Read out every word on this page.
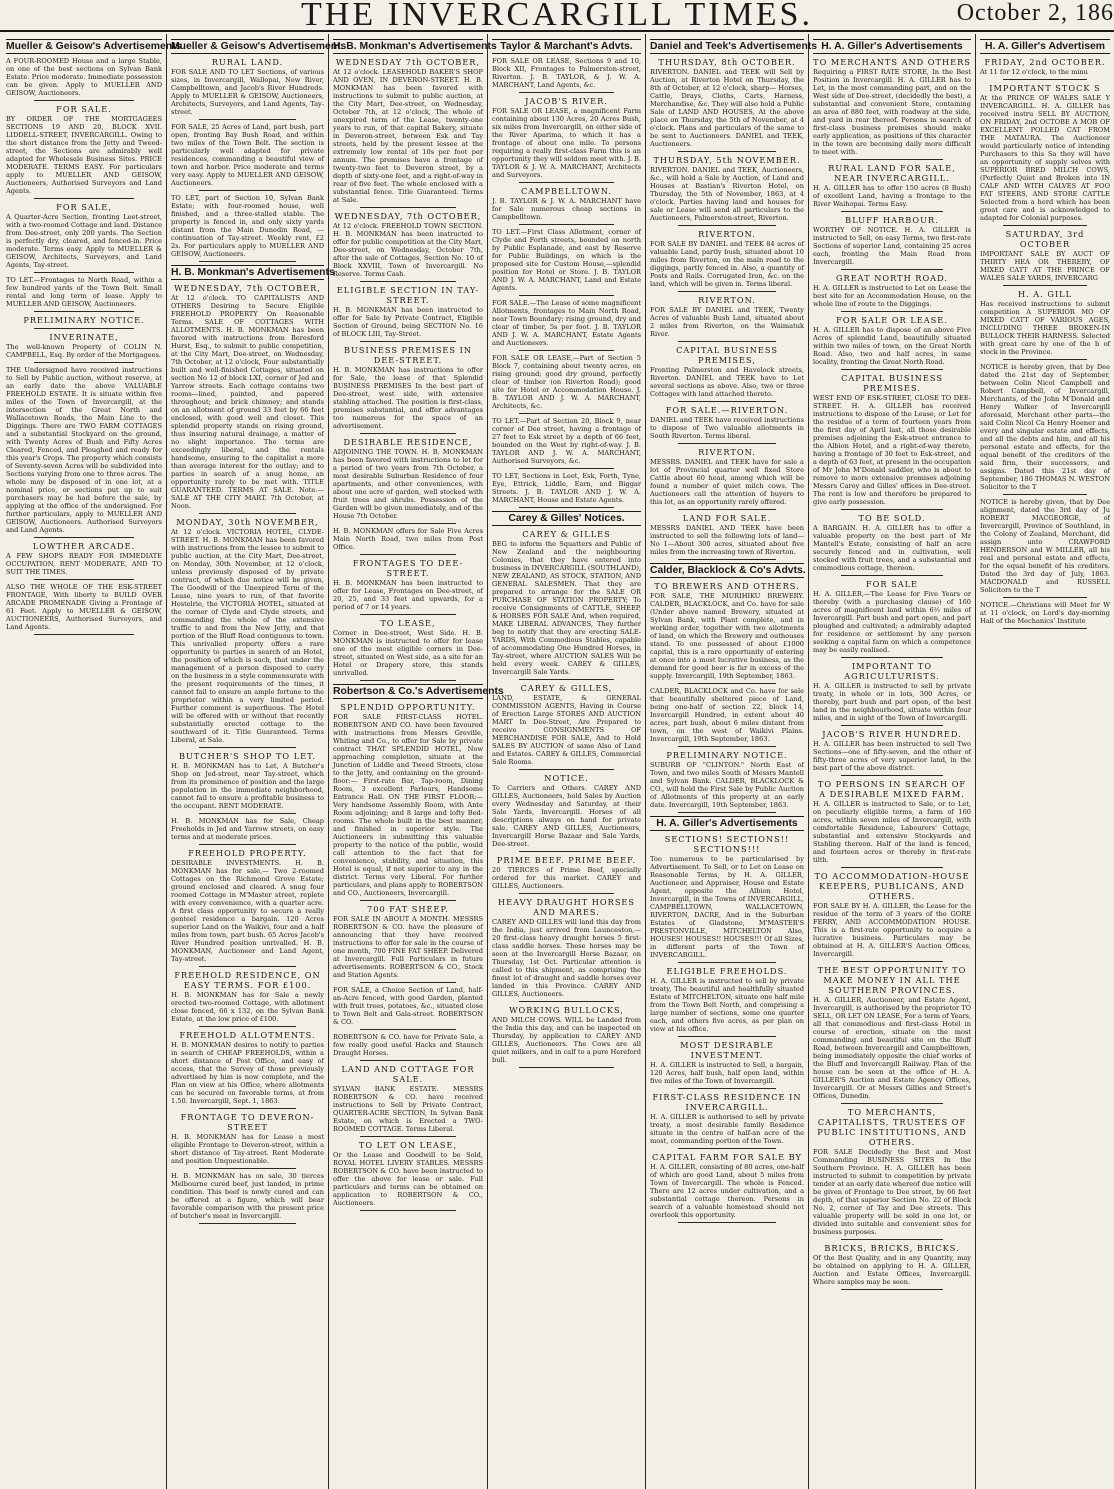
THE INVERCARGILL TIMES.	October 2, 186
Mueller & Geisow's Advertisements
A FOUR-ROOMED House and a large Stable, on one of the best sections on Sylvan Bank Estate. Price moderate. Immediate possession can be given. Apply to MUELLER AND GEISOW, Auctioneers.
FOR SALE.
BY ORDER OF THE MORTGAGEES SECTIONS 19 AND 20, BLOCK XVII. LIDDELL-STREET, INVERCARGILL. Owing to the short distance from the Jetty and Tweed-street, the Sections are admirably well adapted for Wholesale Business Sites. PRICE MODERATE. TERMS EASY. For particulars apply to MUELLER AND GEISOW, Auctioneers, Authorised Surveyors and Land Agents.
FOR SALE,
A Quarter-Acre Section, fronting Leet-street, with a two-roomed Cottage and land. Distance from Dee-street, only 200 yards. The Section is perfectly dry, cleared, and fenced-in. Price moderate. Terms easy. Apply to MUELLER & GEISOW, Architects, Surveyors, and Land Agents, Tay-street.
TO LET.—Frontages to North Road, within a few hundred yards of the Town Belt. Small rental and long term of lease. Apply to MUELLER AND GEISOW, Auctioneers.
PRELIMINARY NOTICE.
INVERINATE,
The well-known Property of COLIN N. CAMPBELL, Esq. By order of the Mortgagees.
THE Undersigned have received instructions to Sell by Public auction, without reserve, at an early date the above VALUABLE FREEHOLD ESTATE. It is situate within five miles of the Town of Invercargill, at the intersection of the Great North and Wallacetown Roads, the Main Line to the Diggings. There are TWO FARM COTTAGES and a substantial Stockyard on the ground, with Twenty Acres of Bush and Fifty Acres Cleared, Fenced, and Ploughed and ready for this year's Crops. The property which consists of Seventy-seven Acres will be subdivided into Sections varying from one to three acres. The whole may be disposed of in one lot, at a nominal price, or sections put up to suit purchasers may be had before the sale, by applying at the office of the undersigned. For further particulars, apply to MUELLER AND GEISOW, Auctioneers. Authorised Surveyors and Land Agents.
LOWTHER ARCADE.
A FEW SHOPS READY FOR IMMEDIATE OCCUPATION, RENT MODERATE, AND TO SUIT THE TIMES.
ALSO THE WHOLE OF THE ESK-STREET FRONTAGE, With liberty to BUILD OVER ARCADE PROMENADE Giving a Frontage of 61 Feet. Apply to MUELLER & GEISOW, AUCTIONEERS, Authorised Surveyors, and Land Agents.
Mueller & Geisow's Advertisements
RURAL LAND.
FOR SALE AND TO LET Sections, of various sizes, in Invercargill, Wallopai, New River, Campbelltown, and Jacob's River Hundreds. Apply to MUELLER & GEISOW, Auctioneers, Architects, Surveyors, and Land Agents, Tay-street.
FOR SALE, 25 Acres of Land, part bush, part open, fronting Bay Bush Road, and within two miles of the Town Belt. The section is particularly well adapted for private residences, commanding a beautiful view of town and harbor. Price moderate and terms very easy. Apply to MUELLER AND GEISOW, Auctioneers.
TO LET, part of Section 10, Sylvan Bank Estate; with four-roomed house, well finished, and a three-stalled stable. The property is fenced in, and only sixty yards distant from the Main Dunedin Road, — continuation of Tay-street. Weekly rent, £2 2s. For particulars apply to MUELLER AND GEISOW, Auctioneers.
H. B. Monkman's Advertisements
WEDNESDAY, 7th OCTOBER,
At 12 o'clock. TO CAPITALISTS AND OTHERS Desiring to Secure Eligible FREEHOLD PROPERTY On Reasonable Terms. SALE OF COTTAGES WITH ALLOTMENTS. H. B. MONKMAN has been favored with instructions from Beresford Hurst, Esq., to submit to public competition, at the City Mart, Dee-street, on Wednesday, 7th October, at 12 o'clock, Four substantially built and well-finished Cottages, situated on section No 12 of block LXI, corner of Jed and Yarrow streets. Each cottage contains two rooms—lined, painted, and papered throughout; and brick chimney; and stands on an allotment of ground 33 feet by 66 feet enclosed, with good well and closet. This splendid property stands on rising ground, thus insuring natural drainage, a matter of no slight importance. The terms are exceedingly liberal, and the rentals handsome, ensuring to the capitalist a more than average interest for the outlay; and to parties in search of a snug home, an opportunity rarely to be met with. TITLE GUARANTEED. TERMS AT SALE. Note.—SALE AT THE CITY MART. 7th October, at Noon.
MONDAY, 30th NOVEMBER,
At 12 o'clock. VICTORIA HOTEL, CLYDE-STREET. H. B. MONKMAN has been favored with instructions from the lessee to submit to public auction, at the City Mart, Dee-street, on Monday, 30th November, at 12 o'clock, unless previously disposed of by private contract, of which due notice will be given, The Goodwill of the Unexpired Term of the Lease, nine years to run, of that favorite Hostelrie, the VICTORIA HOTEL, situated at the corner of Clyde and Clyde streets, and commanding the whole of the extensive traffic to and from the New Jetty, and that portion of the Bluff Road contiguous to town. This unrivalled property offers a rare opportunity to parties in search of an Hotel, the position of which is such, that under the management of a person disposed to carry on the business in a style commensurate with the present requirements of the times, it cannot fail to ensure an ample fortune to the proprietor within a very limited period. Further comment is superfluous. The Hotel will be offered with or without that recently substantially erected cottage to the southward of it. Title Guaranteed. Terms Liberal, at Sale.
BUTCHER'S SHOP TO LET.
H. B. MONKMAN has to Let, A Butcher's Shop on Jed-street, near Tay-street, which from its prominence of position and the large population in the immediate neighborhood, cannot fail to ensure a profitable business to the occupant. RENT MODERATE.
H. B. MONKMAN has for Sale, Cheap Freeholds in Jed and Yarrow streets, on easy terms and at moderate prices.
FREEHOLD PROPERTY.
DESIRABLE INVESTMENTS. H. B. MONKMAN has for sale,— Two 2-roomed Cottages on the Richmond Grove Estate; ground enclosed and cleared. A snug four roomed Cottage in M'Master street, replete with every convenience, with a quarter acre. A first class opportunity to secure a really genteel residence a bargain. 120 Acres superior Land on the Waikivi, four and a half miles from town, part bush. 65 Acres Jacob's River Hundred position unrivalled. H. B. MONKMAN, Auctioneer and Land Agent, Tay-street.
FREEHOLD RESIDENCE, ON EASY TERMS. FOR £100.
H. B. MONKMAN has for Sale a newly erected two-roomed Cottage, with allotment close fenced, 66 x 132, on the Sylvan Bank Estate, at the low price of £100.
FREEHOLD ALLOTMENTS.
H. B. MONKMAN desires to notify to parties in search of CHEAP FREEHOLDS, within a short distance of Post Office, and easy of access, that the Survey of those previously advertised by him is now complete, and the Plan on view at his Office, where allotments can be secured on favorable terms, at from 1.50. Invercargill, Sept. 1, 1863.
FRONTAGE TO DEVERON-STREET
H. B. MONKMAN has for Lease a most eligible Frontage to Deveron-street, within a short distance of Tay-street. Rent Moderate and position Unquestionable.
H. B. MONKMAN has on sale, 30 tierces Melbourne cured beef, just landed, in prime condition. This beef is newly cured and can be offered at a figure, which will bear favorable comparison with the present price of butcher's meat in Invercargill.
H. B. Monkman's Advertisements
WEDNESDAY 7th OCTOBER,
At 12 o'clock. LEASEHOLD BAKER'S SHOP AND OVEN, IN DEVERON-STREET. H. B. MONKMAN has been favored with instructions to submit to public auction, at the City Mart, Dee-street, on Wednesday, October 7th, at 12 o'clock, The whole of unexpired term of the Lease, twenty-one years to run, of that capital Bakery, situate in Deveron-street, between Esk and Tay streets, held by the present lessee at the extremely low rental of 10s per foot per annum. The premises have a frontage of twenty-two feet to Deveron street, by a depth of sixty-one feet, and a right-of-way in rear of five feet. The whole enclosed with a substantial fence. Title Guaranteed. Terms at Sale.
WEDNESDAY, 7th OCTOBER,
At 12 o'clock. FREEHOLD TOWN SECTION. H. B. MONKMAN has been instructed to offer for public competition at the City Mart, Dee-street, on Wednesday, October 7th, after the sale of Cottages, Section No. 10 of Block XXVIII, Town of Invercargill. No Reserve. Terms Cash.
ELIGIBLE SECTION IN TAY-STREET.
H. B. MONKMAN has been instructed to offer for Sale by Private Contract, Eligible Section of Ground, being SECTION No. 16 of BLOCK LIII, Tay-Street.
BUSINESS PREMISES IN DEE-STREET.
H. B. MONKMAN has instructions to offer for Sale, the lease of that Splendid BUSINESS PREMISES In the best part of Dee-street, west side, with extensive stabling attached. The position is first-class, premises substantial, and offer advantages too numerous for the space of an advertisement.
DESIRABLE RESIDENCE,
ADJOINING THE TOWN. H. B. MONKMAN has been favored with instructions to let for a period of two years from 7th October, a most desirable Suburban Residence of four apartments, and other conveniences, with about one acre of garden, well stocked with fruit trees and shrubs. Possession of the Garden will be given immediately, and of the House 7th October.
H. B. MONKMAN offers for Sale Five Acres Main North Road, two miles from Post Office.
FRONTAGES TO DEE-STREET.
H. B. MONKMAN has been instructed to offer for Lease, Frontages on Dee-street, of 20, 25, and 33 feet and upwards, for a period of 7 or 14 years.
TO LEASE,
Corner in Dee-street, West Side. H. B. MONKMAN is instructed to offer for lease one of the most eligible corners in Dee-street, situated on West side, as a site for an Hotel or Drapery store, this stands unrivalled.
Robertson & Co.'s Advertisements
SPLENDID OPPORTUNITY.
FOR SALE FIRST-CLASS HOTEL. ROBERTSON AND CO. have been favoured with instructions from Messrs Greville, Whiting and Co., to offer for Sale by private contract THAT SPLENDID HOTEL, Now approaching completion, situate at the Junction of Liddle and Tweed Streets, close to the Jetty, and containing on the ground-floor:— First-rate Bar, Tap-room, Dining Room, 3 excellent Parlours, Handsome Entrance Hall. ON THE FIRST FLOOR:— Very handsome Assembly Room, with Ante Room adjoining; and 8 large and lofty Bed-rooms. The whole built in the best manner, and finished in superior style. The Auctioneers in submitting this valuable property to the notice of the public, would call attention to the fact that for convenience, stability, and situation, this Hotel is equal, if not superior to any in the district. Terms very Liberal. For further particulars, and plans apply to ROBERTSON and CO., Auctioneers, Invercargill.
700 FAT SHEEP.
FOR SALE IN ABOUT A MONTH. MESSRS ROBERTSON & CO. have the pleasure of announcing that they have received instructions to offer for sale in the course of one month, 700 FINE FAT SHEEP. Delivered at Invercargill. Full Particulars in future advertisements. ROBERTSON & CO., Stock and Station Agents.
FOR SALE, a Choice Section of Land, half-an-Acre fenced, with good Garden, planted with fruit trees, potatoes, &c., situated close to Town Belt and Gala-street. ROBERTSON & CO.
ROBERTSON & CO. have for Private Sale, a few really good useful Hacks and Staunch Draught Horses.
LAND AND COTTAGE FOR SALE.
SYLVAN BANK ESTATE. MESSRS ROBERTSON & CO. have received instructions to Sell by Private Contract, QUARTER-ACRE SECTION, In Sylvan Bank Estate, on which is Erected a TWO-ROOMED COTTAGE. Terms Liberal.
TO LET ON LEASE,
Or the Lease and Goodwill to be Sold, ROYAL HOTEL LIVERY STABLES. MESSRS ROBERTSON & CO. have been instructed to offer the above for lease or sale. Full particulars and terms can be obtained on application to ROBERTSON & CO., Auctioneers.
Taylor & Marchant's Advts.
FOR SALE OR LEASE, Sections 9 and 10, Block XII, Frontages to Palmerston-street, Riverton. J. B. TAYLOR, & J. W. A. MARCHANT, Land Agents, &c.
JACOB'S RIVER.
FOR SALE OR LEASE, a magnificent Farm containing about 130 Acres, 20 Acres Bush, six miles from Invercargill, on either side of the River Aparima, to which it has a frontage of about one mile. To persons requiring a really first-class Farm this is an opportunity they will seldom meet with. J. B. TAYLOR & J. W. A. MARCHANT, Architects and Surveyors.
CAMPBELLTOWN.
J. B. TAYLOR & J. W. A. MARCHANT have for Sale numerous cheap sections in Campbelltown.
TO LET.—First Class Allotment, corner of Clyde and Forth streets, bounded on north by Public Esplanade, and east by Reserve for Public Buildings, on which is the proposed site for Custom House,—splendid position for Hotel or Store. J. B. TAYLOR AND J. W. A. MARCHANT, Land and Estate Agents.
FOR SALE.—The Lease of some magnificent Allotments, frontages to Main North Road, near Town Boundary; rising ground, dry and clear of timber, 5s per foot. J. B. TAYLOR AND J. W. A. MARCHANT, Estate Agents and Auctioneers.
FOR SALE OR LEASE,—Part of Section 5 Block 7, containing about twenty acres, on rising ground; good dry ground, perfectly clear of timber (on Riverton Road); good site for Hotel or Accommodation House. J. B. TAYLOR AND J. W. A. MARCHANT, Architects, &c.
TO LET.—Part of Section 20, Block 9, near corner of Dee street, having a frontage of 27 feet to Esk street by a depth of 66 feet, bounded on the West by right-of-way. J. B. TAYLOR AND J. W. A. MARCHANT, Authorised Surveyors, &c.
TO LET, Sections in Leet, Esk, Forth, Tyne, Eye, Ettrick, Liddle, Earn, and Biggar Streets. J. B. TAYLOR AND J. W. A. MARCHANT, House and Estate Agents.
Carey & Gilles' Notices.
CAREY & GILLES
BEG to inform the Squatters and Public of New Zealand and the neighbouring Colonies, that they have entered into business in INVERCARGILL (SOUTHLAND), NEW ZEALAND, AS STOCK, STATION, AND GENERAL SALESMEN. That they are prepared to arrange for the SALE OR PURCHASE OF STATION PROPERTY; To receive Consignments of CATTLE, SHEEP, & HORSES FOR SALE And, when required, MAKE LIBERAL ADVANCES, They further beg to notify that they are erecting SALE-YARDS, With Commodious Stables, capable of accommodating One Hundred Horses, in Tay-street, where AUCTION SALES Will be held every week. CAREY & GILLES, Invercargill Sale Yards.
CAREY & GILLES,
LAND, ESTATE, & GENERAL COMMISSION AGENTS, Having in Course of Erection Large STORES AND AUCTION MART In Dee-Street, Are Prepared to receive CONSIGNMENTS OF MERCHANDISE FOR SALE, And to Hold SALES BY AUCTION of same Also of Land and Estates. CAREY & GILLES, Commercial Sale Rooms.
NOTICE.
To Carriers and Others. CAREY AND GILLES, Auctioneers, hold Sales by Auction every Wednesday and Saturday, at their Sale Yards, Invercargill. Horses of all descriptions always on hand for private sale. CAREY AND GILLES, Auctioneers, Invercargill Horse Bazaar and Sale Yards, Dee-street.
PRIME BEEF. PRIME BEEF.
20 TIERCES of Prime Beef, specially ordered for this market. CAREY and GILLES, Auctioneers.
HEAVY DRAUGHT HORSES AND MARES.
CAREY AND GILLES will land this day from the India, just arrived from Launceston,— 20 first-class heavy draught horses 5 first-class saddle horses. These horses may be seen at the Invercargill Horse Bazaar, on Thursday, 1st Oct. Particular attention is called to this shipment, as comprising the finest lot of draught and saddle horses ever landed in this Province. CAREY AND GILLES, Auctioneers.
WORKING BULLOCKS,
AND MILCH COWS. WILL be Landed from the India this day, and can be inspected on Thursday, by application to CAREY AND GILLES, Auctioneers. The Cows are all quiet milkers, and in calf to a pure Hereford bull.
Daniel and Teek's Advertisements
THURSDAY, 8th OCTOBER.
RIVERTON. DANIEL and TEEK will Sell by Auction, at Riverton Hotel on Thursday, the 8th of October, at 12 o'clock, sharp— Horses, Cattle, Drays, Cloths, Carts, Harness, Merchandise, &c. They will also hold a Public Sale of LAND AND HOUSES, At the above place on Thursday, the 5th of November, at 4 o'clock. Plans and particulars of the same to be sent to Auctioneers. DANIEL and TEEK, Auctioneers.
THURSDAY, 5th NOVEMBER.
RIVERTON. DANIEL and TEEK, Auctioneers, &c., will hold a Sale by Auction, of Land and Houses at Bastian's Riverton Hotel, on Thursday, the 5th of November, 1863, at 4 o'clock. Parties having land and houses for sale or Lease will send all particulars to the Auctioneers, Palmerston-street, Riverton.
RIVERTON.
FOR SALE BY DANIEL and TEEK 84 acres of valuable Land, partly bush, situated about 10 miles from Riverton, on the main road to the diggings, partly fenced in. Also, a quantity of Posts and Rails. Corrugated Iron, &c. on the land, which will be given in. Terms liberal.
RIVERTON.
FOR SALE BY DANIEL and TEEK, Twenty Acres of valuable Bush Land, situated about 2 miles from Riverton, on the Waimatuk River.
CAPITAL BUSINESS PREMISES,
Fronting Palmerston and Havelock streets, Riverton. DANIEL and TEEK have to Let several sections as above. Also, two or three Cottages with land attached thereto.
FOR SALE.—RIVERTON.
DANIEL and TEEK have received instructions to dispose of Two valuable allotments in South Riverton. Terms liberal.
RIVERTON.
MESSRS. DANIEL and TEEK have for sale a lot of Provincial quarter well fixed Store Cattle about 60 head, among which will be found a number of quiet milch cows. The Auctioneers call the attention of buyers to this lot, as an opportunity rarely offered.
LAND FOR SALE.
MESSRS DANIEL AND TEEK have been instructed to sell the following lots of land— No 1—About 300 acres, situated about five miles from the increasing town of Riverton.
Calder, Blacklock & Co's Advts.
TO BREWERS AND OTHERS.
FOR SALE, THE MURIHIKU BREWERY. CALDER, BLACKLOCK, and Co. have for sale (Under above named Brewery, situated at Sylvan Bank, with Plant complete, and in working order, together with two allotments of land, on which the Brewery and outhouses stand. To one possessed of about £1000 capital, this is a rare opportunity of entering at once into a most lucrative business, as the demand for good beer is far in excess of the supply. Invercargill, 19th September, 1863.
CALDER, BLACKLOCK and Co. have for sale that beautifully sheltered piece of Land, being one-half of section 22, block 14, Invercargill Hundred, in extent about 40 acres, part bush, about 6 miles distant from town, on the west of Waikivi Plains. Invercargill, 19th September, 1863.
PRELIMINARY NOTICE.
SUBURB OF "CLINTON." North East of Town, and two miles South of Messrs Mantell and Sylvan Bank. CALDER, BLACKLOCK & CO., will hold the First Sale by Public Auction of Allotments of this property at an early date. Invercargill, 19th September, 1863.
H. A. Giller's Advertisements
SECTIONS! SECTIONS!! SECTIONS!!!
Too numerous to be particularised by Advertisement. To Sell, or to Let on Lease on Reasonable Terms, by H. A. GILLER, Auctioneer, and Appraiser, House and Estate Agent, opposite the Albion Hotel, Invercargill, in the Towns of INVERCARGILL, CAMPBELLTOWN, WALLACETOWN, RIVERTON, DACRE, And in the Suburban Estates of Gladstone, M'MASTER'S PRESTONVILLE, MITCHELTON Also, HOUSES! HOUSES!! HOUSES!!! Of all Sizes, in different parts of the Town of INVERCARGILL.
ELIGIBLE FREEHOLDS.
H. A. GILLER is instructed to sell by private treaty, The beautiful and healthfully situated Estate of MITCHELTON, situate one half mile from the Town Belt North, and comprising a large number of sections, some one quarter each, and others five acres, as per plan on view at his office.
MOST DESIRABLE INVESTMENT.
H. A. GILLER is instructed to Sell, a bargain, 120 Acres, half bush, half open land, within five miles of the Town of Invercargill.
FIRST-CLASS RESIDENCE IN INVERCARGILL.
H. A. GILLER is authorised to sell by private treaty, a most desirable family Residence situate in the centre of half-an acre of the most, commanding portion of the Town.
CAPITAL FARM FOR SALE BY
H. A. GILLER, consisting of 80 acres, one-half of which are good Land, about 5 miles from Town of Invercargill. The whole is Fenced. There are 12 acres under cultivation, and a substantial cottage thereon. Persons in search of a valuable homestead should not overlook this opportunity.
H. A. Giller's Advertisements
TO MERCHANTS AND OTHERS
Requiring a FIRST RATE STORE, In the Best Position in Invercargill. H. A. GILLER has to Let, in the most commanding part, and on the West side of Dee-street, (decidedly the best), a substantial and convenient Store, containing an area of 880 feet, with roadway at the side, and yard in rear thereof. Persons in search of first-class business premises should make early application, as positions of this character in the town are becoming daily more difficult to meet with.
RURAL LAND FOR SALE, NEAR INVERCARGILL.
H. A. GILLER has to offer 150 acres (8 Bush) of excellent Land, having a frontage to the River Waihopai. Terms Easy.
BLUFF HARBOUR.
WORTHY OF NOTICE. H. A. GILLER is instructed to Sell, on easy Terms, two first-rate Sections of superior Land, containing 25 acres each, fronting the Main Road from Invercargill.
GREAT NORTH ROAD.
H. A. GILLER is instructed to Let on Lease the best site for an Accommodation House, on the whole line of route to the Diggings.
FOR SALE OR LEASE.
H. A. GILLER has to dispose of an above Five Acres of splendid Land, beautifully situated within two miles of town, on the Great North Road. Also, two and half acres, in same locality, fronting the Great North Road.
CAPITAL BUSINESS PREMISES.
WEST END OF ESK-STREET, CLOSE TO DEE-STREET. H. A. GILLER has received instructions to dispose of the Lease, or Let for the residue of a term of fourteen years from the first day of April last, all those desirable premises adjoining the Esk-street entrance to the Albion Hotel, and a right-of-way thereto, having a frontage of 30 feet to Esk-street, and a depth of 63 feet, at present in the occupation of Mr John M'Donald saddler, who is about to remove to more extensive premises adjoining Messrs Carey and Gilles' offices in Dee-street. The rent is low and therefore be prepared to give early possession.
TO BE SOLD.
A BARGAIN. H. A. GILLER has to offer a valuable property on the best part of Mr Mantell's Estate, consisting of half an acre securely fenced and in cultivation, well stocked with fruit trees, and a substantial and commodious cottage, thereon.
FOR SALE
H. A. GILLER,—The Lease for Five Years or thereby (with a purchasing clause) of 160 acres of magnificent land within 6½ miles of Invercargill. Part bush and part open, and part ploughed and cultivated; a admirably adapted for residence or settlement by any person seeking a capital farm on which a competence may be easily realised.
IMPORTANT TO AGRICULTURISTS.
H. A. GILLER is instructed to sell by private treaty, in whole or in lots, 300 Acres, or thereby, part bush and part open, of the best land in the neighbourhood, situate within four miles, and in sight of the Town of Invercargill.
JACOB'S RIVER HUNDRED.
H. A. GILLER has been instructed to sell Two Sections—one of fifty-seven, and the other of fifty-three acres of very superior land, in the best part of the above district.
TO PERSONS IN SEARCH OF A DESIRABLE MIXED FARM.
H. A. GILLER is instructed to Sale, or to Let, on peculiarly eligible terms, a farm of 160 acres, within seven miles of Invercargill, with comfortable Residence, Labourers' Cottage, substantial and extensive Stockyards and Stabling thereon. Half of the land is fenced, and fourteen acres or thereby in first-rate tilth.
TO ACCOMMODATION-HOUSE KEEPERS, PUBLICANS, AND OTHERS.
FOR SALE BY H. A. GILLER, the Lease for the residue of the term of 3 years of the GORE FERRY, AND ACCOMMODATION HOUSE. This is a first-rate opportunity to acquire a lucrative business. Particulars may be obtained at H. A. GILLER'S Auction Offices, Invercargill.
THE BEST OPPORTUNITY TO MAKE MONEY IN ALL THE SOUTHERN PROVINCES.
H. A. GILLER, Auctioneer, and Estate Agent, Invercargill, is authorised by the proprietor TO SELL, OR LET ON LEASE, For a term of Years, all that commodious and first-class Hotel in course of erection, situate on the most commanding and beautiful site on the Bluff Road, between Invercargill and Campbelltown, being immediately opposite the chief works of the Bluff and Invercargill Railway. Plan of the house can be seen at the office of H. A. GILLER'S Auction and Estate Agency Offices, Invercargill. Or at Messrs Gillies and Street's Offices, Dunedin.
TO MERCHANTS, CAPITALISTS, TRUSTEES OF PUBLIC INSTITUTIONS, AND OTHERS.
FOR SALE Decidedly the Best and Most Commanding BUSINESS SITES In the Southern Province. H. A. GILLER has been instructed to submit to competition by private tender at an early date whereof due notice will be given of Frontage to Dee street, by 66 feet depth, of that superior Section No. 22 of Block No. 2, corner of Tay and Dee streets. This valuable property will be sold in one lot, or divided into suitable and convenient sites for business purposes.
BRICKS, BRICKS, BRICKS.
Of the Best Quality, and in any Quantity, may be obtained on applying to H. A. GILLER, Auction and Estate Offices, Invercargill. Where samples may be seen.
H. A. Giller's Advertisem
FRIDAY, 2nd OCTOBER.
At 11 for 12 o'clock, to the minu
IMPORTANT STOCK S
At the PRINCE OF WALES SALE Y INVERCARGILL. H. A. GILLER has received instru SELL BY AUCTION, ON FRIDAY, 2nd OCTOBE A MOB OF EXCELLENT POLLED CAT FROM THE MATAURA. The Auctioneer would particularly notice of intending Purchasers to this Sa they will have an opportunity of supply selves with SUPERIOR BRED MILCH COWS, (Perfectly Quiet and Broken into IN CALF AND WITH CALVES AT FOO FAT STEERS, AND STORE CATTLE Selected from a herd which has been great care and is acknowledged to adapted for Colonial purposes.
SATURDAY, 3rd OCTOBER
IMPORTANT SALE BY AUCT OF THIRTY HEA OR THEREBY, OF MIXED CATT AT THE PRINCE OF WALES SALE YARDS, INVERCARG
H. A. GILL
Has received instructions to submit competition A SUPERIOR MO OF MIXED CATT OF VARIOUS AGES, INCLUDING THREE BROKEN-IN BULLOCK THEIR HARNESS. Selected with great care by one of the b of stock in the Province.
NOTICE is hereby given, that by Dee dated the 21st day of September, between Colin Nicol Campbell and Robert Campbell, of Invercargill, Merchants, of the John M'Donald and Henry Walker of Invercargill aforesaid, Merchant other parts—the said Colin Nicol Ca Henry Hoener and every and singular estate and effects, and all the debts and him, and all his personal estate and effects, for the equal benefit of the creditors of the said firm, their successors, and assigns. Dated this 21st day of September, 186 THOMAS N. WESTON Solicitor to the T
NOTICE is hereby given, that by Dee alignment, dated the 3rd day of Ju ROBERT MACGEORGE, of Invercargill, Province of Southland, in the Colony of Zealand, Merchant, did assign unto CRAWFORD HENDERSON and W MILLER, all his real and personal estate and effects, for the equal benefit of his creditors. Dated the 3rd day of July, 1863. MACDONALD and RUSSELL Solicitors to the T
NOTICE.—Christians will Meet for W at 11 o'clock, on Lord's day-morning Hall of the Mechanics' Institute
